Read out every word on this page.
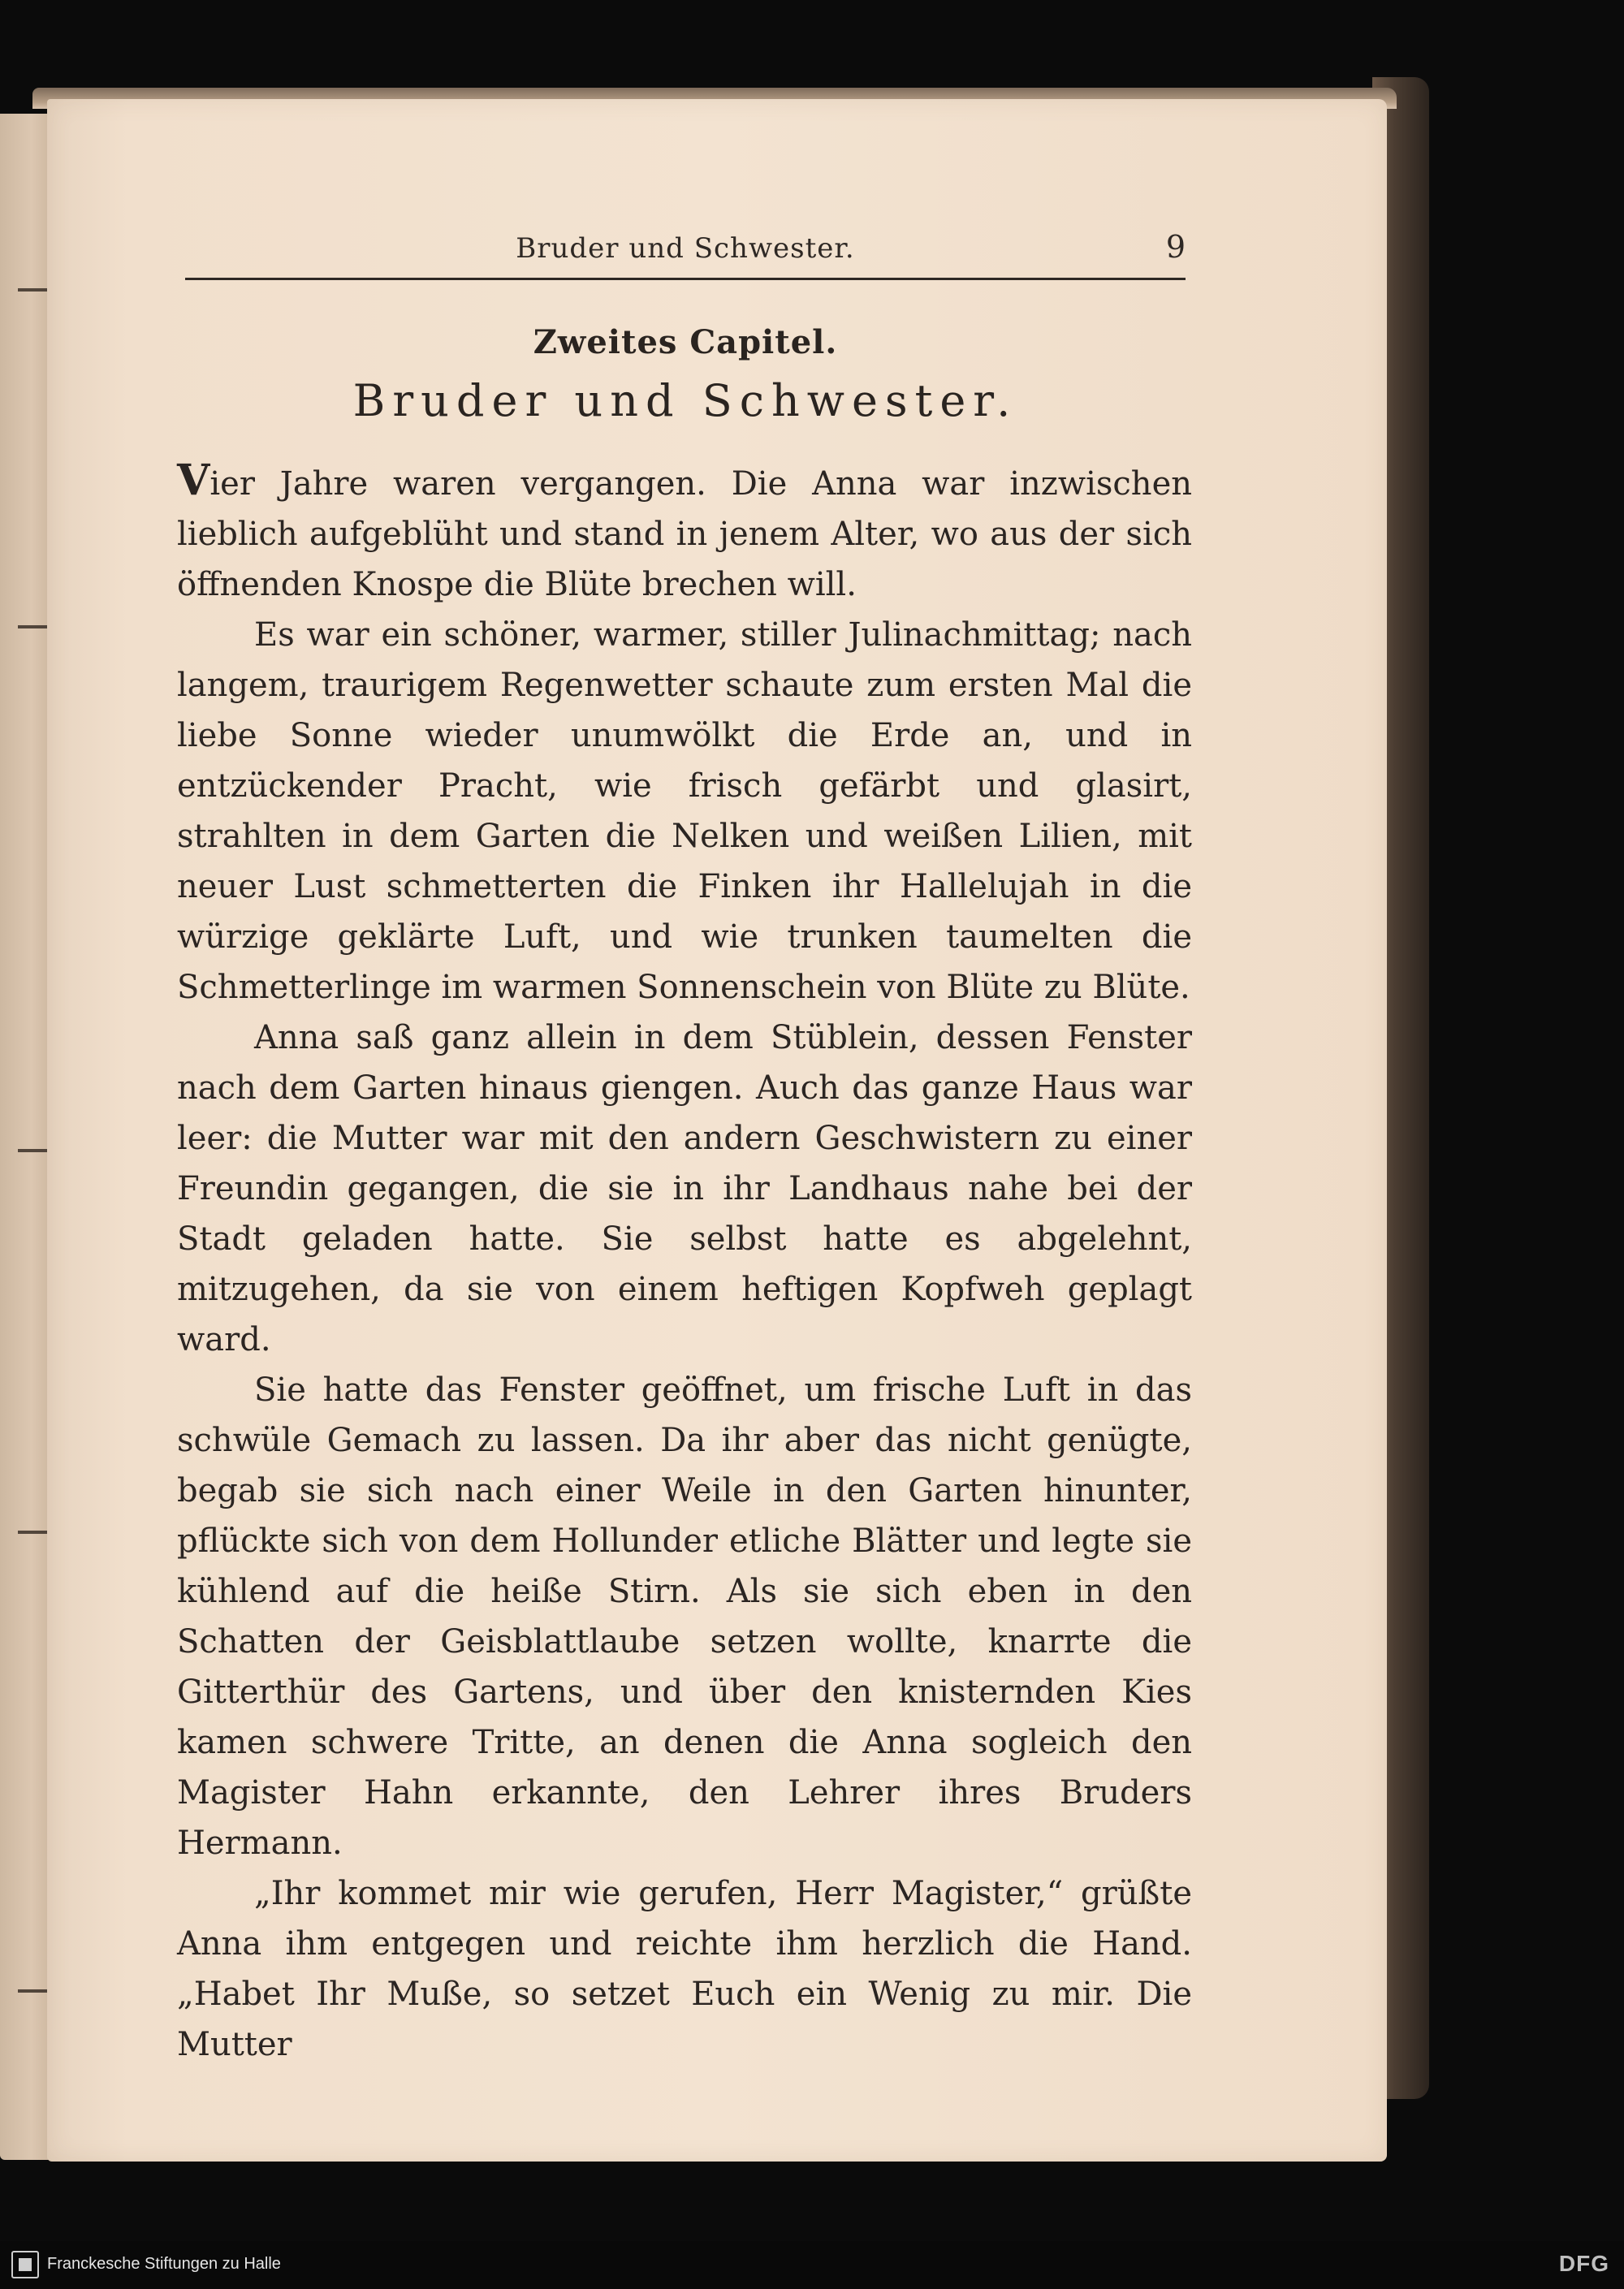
Bruder und Schwester.	9
Zweites Capitel.
Bruder und Schwester.

Vier Jahre waren vergangen. Die Anna war inzwischen lieblich aufgeblüht und stand in jenem Alter, wo aus der sich öffnenden Knospe die Blüte brechen will.

Es war ein schöner, warmer, stiller Julinachmittag; nach langem, traurigem Regenwetter schaute zum ersten Mal die liebe Sonne wieder unumwölkt die Erde an, und in entzückender Pracht, wie frisch gefärbt und glasirt, strahlten in dem Garten die Nelken und weißen Lilien, mit neuer Lust schmetterten die Finken ihr Hallelujah in die würzige geklärte Luft, und wie trunken taumelten die Schmetterlinge im warmen Sonnenschein von Blüte zu Blüte.

Anna saß ganz allein in dem Stüblein, dessen Fenster nach dem Garten hinaus giengen. Auch das ganze Haus war leer: die Mutter war mit den andern Geschwistern zu einer Freundin gegangen, die sie in ihr Landhaus nahe bei der Stadt geladen hatte. Sie selbst hatte es abgelehnt, mitzugehen, da sie von einem heftigen Kopfweh geplagt ward.

Sie hatte das Fenster geöffnet, um frische Luft in das schwüle Gemach zu lassen. Da ihr aber das nicht genügte, begab sie sich nach einer Weile in den Garten hinunter, pflückte sich von dem Hollunder etliche Blätter und legte sie kühlend auf die heiße Stirn. Als sie sich eben in den Schatten der Geisblattlaube setzen wollte, knarrte die Gitterthür des Gartens, und über den knisternden Kies kamen schwere Tritte, an denen die Anna sogleich den Magister Hahn erkannte, den Lehrer ihres Bruders Hermann.

„Ihr kommet mir wie gerufen, Herr Magister,“ grüßte Anna ihm entgegen und reichte ihm herzlich die Hand. „Habet Ihr Muße, so setzet Euch ein Wenig zu mir. Die Mutter

Franckesche Stiftungen zu Halle	DFG
